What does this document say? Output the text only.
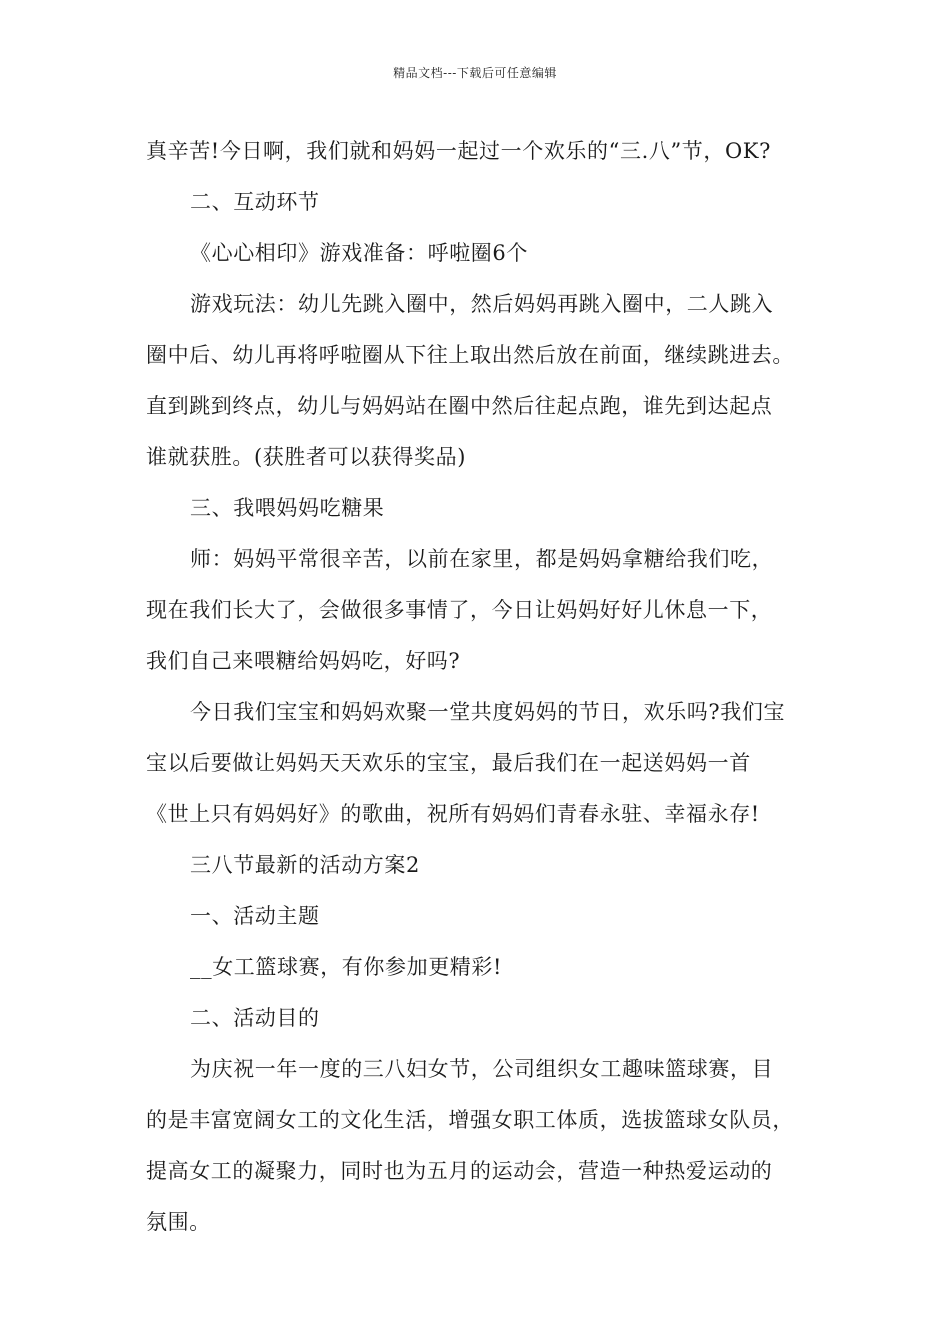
精品文档---下载后可任意编辑
真辛苦!今日啊，我们就和妈妈一起过一个欢乐的“三.八”节，OK?
二、互动环节
《心心相印》游戏准备：呼啦圈6个
游戏玩法：幼儿先跳入圈中，然后妈妈再跳入圈中，二人跳入
圈中后、幼儿再将呼啦圈从下往上取出然后放在前面，继续跳进去。
直到跳到终点，幼儿与妈妈站在圈中然后往起点跑，谁先到达起点
谁就获胜。(获胜者可以获得奖品)
三、我喂妈妈吃糖果
师：妈妈平常很辛苦，以前在家里，都是妈妈拿糖给我们吃，
现在我们长大了，会做很多事情了，今日让妈妈好好儿休息一下，
我们自己来喂糖给妈妈吃，好吗?
今日我们宝宝和妈妈欢聚一堂共度妈妈的节日，欢乐吗?我们宝
宝以后要做让妈妈天天欢乐的宝宝，最后我们在一起送妈妈一首
《世上只有妈妈好》的歌曲，祝所有妈妈们青春永驻、幸福永存!
三八节最新的活动方案2
一、活动主题
__女工篮球赛，有你参加更精彩!
二、活动目的
为庆祝一年一度的三八妇女节，公司组织女工趣味篮球赛，目
的是丰富宽阔女工的文化生活，增强女职工体质，选拔篮球女队员，
提高女工的凝聚力，同时也为五月的运动会，营造一种热爱运动的
氛围。
